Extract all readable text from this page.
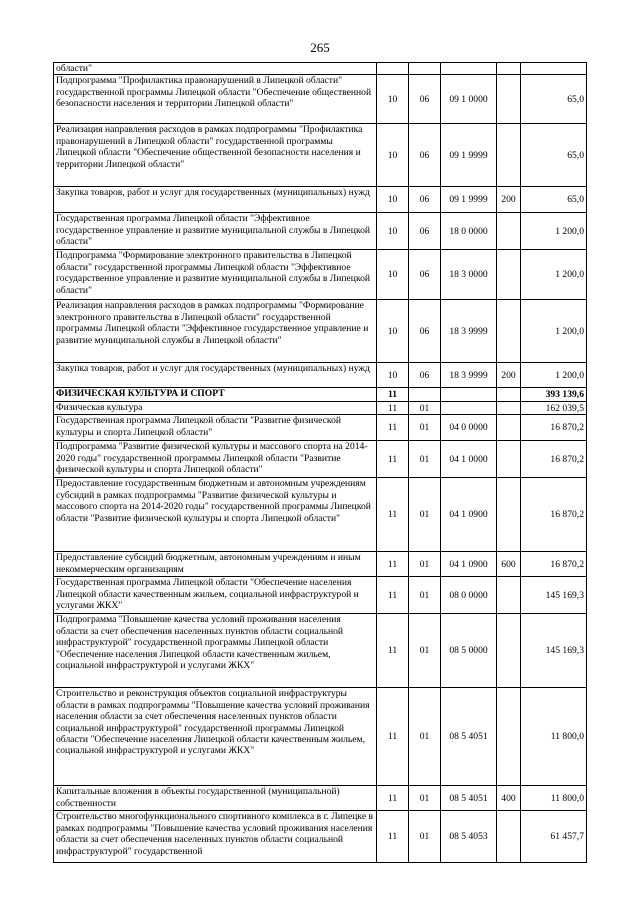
265
области"					
Подпрограмма "Профилактика правонарушений в Липецкой области" государственной программы Липецкой области "Обеспечение общественной безопасности населения и территории Липецкой области"	10	06	09 1 0000		65,0
Реализация направления расходов в рамках подпрограммы "Профилактика правонарушений в Липецкой области" государственной программы Липецкой области "Обеспечение общественной безопасности населения и территории Липецкой области"	10	06	09 1 9999		65,0
Закупка товаров, работ и услуг для государственных (муниципальных) нужд	10	06	09 1 9999	200	65,0
Государственная программа Липецкой области "Эффективное государственное управление и развитие муниципальной службы в Липецкой области"	10	06	18 0 0000		1 200,0
Подпрограмма "Формирование электронного правительства в Липецкой области" государственной программы Липецкой области "Эффективное государственное управление и развитие муниципальной службы в Липецкой области"	10	06	18 3 0000		1 200,0
Реализация направления расходов в рамках подпрограммы "Формирование электронного правительства в Липецкой области" государственной программы Липецкой области "Эффективное государственное управление и развитие муниципальной службы в Липецкой области"	10	06	18 3 9999		1 200,0
Закупка товаров, работ и услуг для государственных (муниципальных) нужд	10	06	18 3 9999	200	1 200,0
ФИЗИЧЕСКАЯ КУЛЬТУРА И СПОРТ	11				393 139,6
Физическая культура	11	01			162 039,5
Государственная программа Липецкой области "Развитие физической культуры и спорта Липецкой области"	11	01	04 0 0000		16 870,2
Подпрограмма "Развитие физической культуры и массового спорта на 2014-2020 годы" государственной программы Липецкой области "Развитие физической культуры и спорта Липецкой области"	11	01	04 1 0000		16 870,2
Предоставление государственным бюджетным и автономным учреждениям субсидий в рамках подпрограммы "Развитие физической культуры и массового спорта на 2014-2020 годы" государственной программы Липецкой области "Развитие физической культуры и спорта Липецкой области"	11	01	04 1 0900		16 870,2
Предоставление субсидий бюджетным, автономным учреждениям и иным некоммерческим организациям	11	01	04 1 0900	600	16 870,2
Государственная программа Липецкой области "Обеспечение населения Липецкой области качественным жильем, социальной инфраструктурой и услугами ЖКХ"	11	01	08 0 0000		145 169,3
Подпрограмма "Повышение качества условий проживания населения области за счет обеспечения населенных пунктов области социальной инфраструктурой" государственной программы Липецкой области "Обеспечение населения Липецкой области качественным жильем, социальной инфраструктурой и услугами ЖКХ"	11	01	08 5 0000		145 169,3
Строительство и реконструкция объектов социальной инфраструктуры области в рамках подпрограммы "Повышение качества условий проживания населения области за счет обеспечения населенных пунктов области социальной инфраструктурой" государственной программы Липецкой области "Обеспечение населения Липецкой области качественным жильем, социальной инфраструктурой и услугами ЖКХ"	11	01	08 5 4051		11 800,0
Капитальные вложения в объекты государственной (муниципальной) собственности	11	01	08 5 4051	400	11 800,0
Строительство многофункционального спортивного комплекса в г. Липецке в рамках подпрограммы "Повышение качества условий проживания населения области за счет обеспечения населенных пунктов области социальной инфраструктурой" государственной	11	01	08 5 4053		61 457,7
